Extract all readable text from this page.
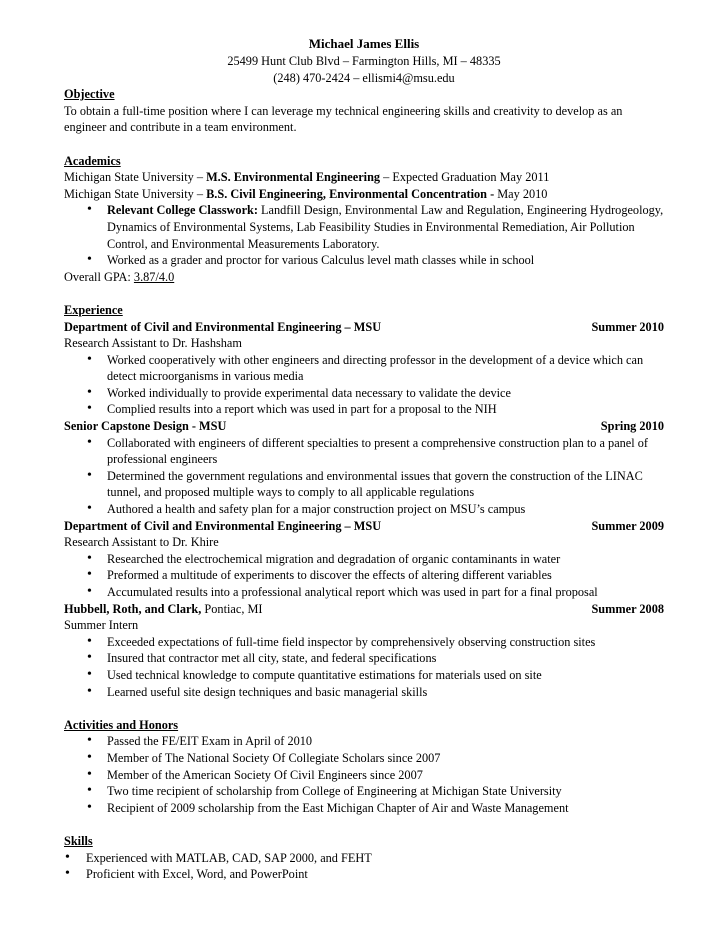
Michael James Ellis
25499 Hunt Club Blvd – Farmington Hills, MI – 48335
(248) 470-2424 – ellismi4@msu.edu
Objective
To obtain a full-time position where I can leverage my technical engineering skills and creativity to develop as an engineer and contribute in a team environment.
Academics
Michigan State University – M.S. Environmental Engineering – Expected Graduation May 2011
Michigan State University – B.S. Civil Engineering, Environmental Concentration - May 2010
• Relevant College Classwork: Landfill Design, Environmental Law and Regulation, Engineering Hydrogeology, Dynamics of Environmental Systems, Lab Feasibility Studies in Environmental Remediation, Air Pollution Control, and Environmental Measurements Laboratory.
• Worked as a grader and proctor for various Calculus level math classes while in school
Overall GPA: 3.87/4.0
Experience
Department of Civil and Environmental Engineering – MSU	Summer 2010
Research Assistant to Dr. Hashsham
• Worked cooperatively with other engineers and directing professor in the development of a device which can detect microorganisms in various media
• Worked individually to provide experimental data necessary to validate the device
• Complied results into a report which was used in part for a proposal to the NIH
Senior Capstone Design - MSU	Spring 2010
• Collaborated with engineers of different specialties to present a comprehensive construction plan to a panel of professional engineers
• Determined the government regulations and environmental issues that govern the construction of the LINAC tunnel, and proposed multiple ways to comply to all applicable regulations
• Authored a health and safety plan for a major construction project on MSU’s campus
Department of Civil and Environmental Engineering – MSU	Summer 2009
Research Assistant to Dr. Khire
• Researched the electrochemical migration and degradation of organic contaminants in water
• Preformed a multitude of experiments to discover the effects of altering different variables
• Accumulated results into a professional analytical report which was used in part for a final proposal
Hubbell, Roth, and Clark, Pontiac, MI	Summer 2008
Summer Intern
• Exceeded expectations of full-time field inspector by comprehensively observing construction sites
• Insured that contractor met all city, state, and federal specifications
• Used technical knowledge to compute quantitative estimations for materials used on site
• Learned useful site design techniques and basic managerial skills
Activities and Honors
• Passed the FE/EIT Exam in April of 2010
• Member of The National Society Of Collegiate Scholars since 2007
• Member of the American Society Of Civil Engineers since 2007
• Two time recipient of scholarship from College of Engineering at Michigan State University
• Recipient of 2009 scholarship from the East Michigan Chapter of Air and Waste Management
Skills
• Experienced with MATLAB, CAD, SAP 2000, and FEHT
• Proficient with Excel, Word, and PowerPoint
